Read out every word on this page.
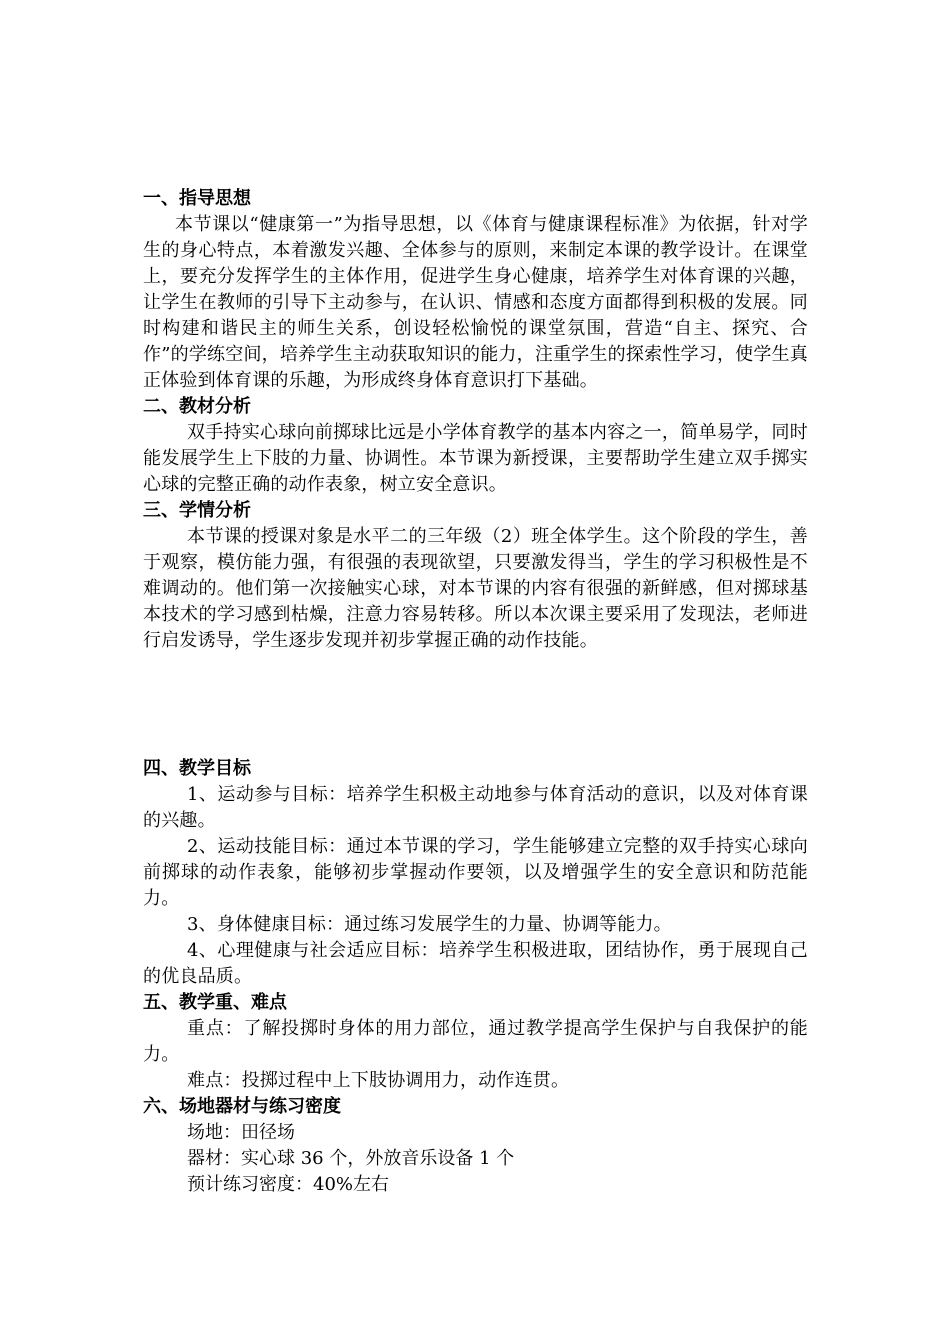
一、指导思想

本节课以“健康第一”为指导思想，以《体育与健康课程标准》为依据，针对学生的身心特点，本着激发兴趣、全体参与的原则，来制定本课的教学设计。在课堂上，要充分发挥学生的主体作用，促进学生身心健康，培养学生对体育课的兴趣，让学生在教师的引导下主动参与，在认识、情感和态度方面都得到积极的发展。同时构建和谐民主的师生关系，创设轻松愉悦的课堂氛围，营造“自主、探究、合作”的学练空间，培养学生主动获取知识的能力，注重学生的探索性学习，使学生真正体验到体育课的乐趣，为形成终身体育意识打下基础。

二、教材分析

双手持实心球向前掷球比远是小学体育教学的基本内容之一，简单易学，同时能发展学生上下肢的力量、协调性。本节课为新授课，主要帮助学生建立双手掷实心球的完整正确的动作表象，树立安全意识。

三、学情分析

本节课的授课对象是水平二的三年级（2）班全体学生。这个阶段的学生，善于观察，模仿能力强，有很强的表现欲望，只要激发得当，学生的学习积极性是不难调动的。他们第一次接触实心球，对本节课的内容有很强的新鲜感，但对掷球基本技术的学习感到枯燥，注意力容易转移。所以本次课主要采用了发现法，老师进行启发诱导，学生逐步发现并初步掌握正确的动作技能。

四、教学目标

1、运动参与目标：培养学生积极主动地参与体育活动的意识，以及对体育课的兴趣。

2、运动技能目标：通过本节课的学习，学生能够建立完整的双手持实心球向前掷球的动作表象，能够初步掌握动作要领，以及增强学生的安全意识和防范能力。

3、身体健康目标：通过练习发展学生的力量、协调等能力。

4、心理健康与社会适应目标：培养学生积极进取，团结协作，勇于展现自己的优良品质。

五、教学重、难点

重点：了解投掷时身体的用力部位，通过教学提高学生保护与自我保护的能力。

难点：投掷过程中上下肢协调用力，动作连贯。

六、场地器材与练习密度

场地：田径场

器材：实心球 36 个，外放音乐设备 1 个

预计练习密度：40%左右
